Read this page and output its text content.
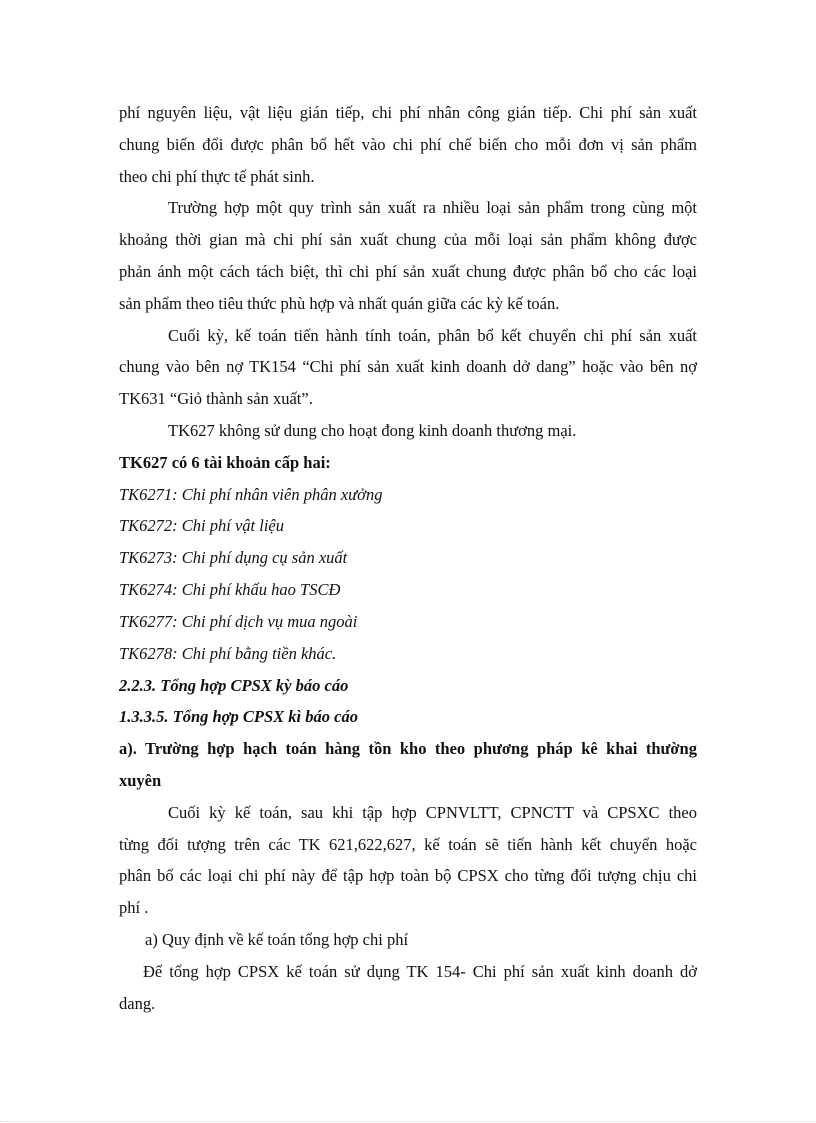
phí nguyên liệu, vật liệu gián tiếp, chi phí nhân công gián tiếp. Chi phí sản xuất
chung biến đổi được phân bổ hết vào chi phí chế biến cho mỗi đơn vị sản phẩm
theo chi phí thực tế phát sinh.
Trường hợp một quy trình sản xuất ra nhiều loại sản phẩm trong cùng một
khoảng thời gian mà chi phí sản xuất chung của mỗi loại sản phẩm không được
phản ánh một cách tách biệt, thì chi phí sản xuất chung được phân bổ cho các loại
sản phẩm theo tiêu thức phù hợp và nhất quán giữa các kỳ kế toán.
Cuối kỳ, kế toán tiến hành tính toán, phân bổ kết chuyển chi phí sản xuất
chung vào bên nợ TK154 “Chi phí sản xuất kinh doanh dở dang” hoặc vào bên nợ
TK631 “Giỏ thành sản xuất”.
TK627 không sử dung cho hoạt đong kinh doanh thương mại.
TK627 có 6 tài khoản cấp hai:
TK6271: Chi phí nhân viên phân xưởng
TK6272: Chi phí vật liệu
TK6273: Chi phí dụng cụ sản xuất
TK6274: Chi phí khấu hao TSCĐ
TK6277: Chi phí dịch vụ mua ngoài
TK6278: Chi phí bằng tiền khác.
2.2.3. Tổng hợp CPSX kỳ báo cáo
1.3.3.5. Tổng hợp CPSX kì báo cáo
a). Trường hợp hạch toán hàng tồn kho theo phương pháp kê khai thường
xuyên
Cuối kỳ kế toán, sau khi tập hợp CPNVLTT, CPNCTT và CPSXC theo
từng đối tượng trên các TK 621,622,627, kế toán sẽ tiến hành kết chuyển hoặc
phân bổ các loại chi phí này để tập hợp toàn bộ CPSX cho từng đối tượng chịu chi
phí .
a) Quy định về kế toán tổng hợp chi phí
Để tổng hợp CPSX kế toán sử dụng TK 154- Chi phí sản xuất kinh doanh dở
dang.
